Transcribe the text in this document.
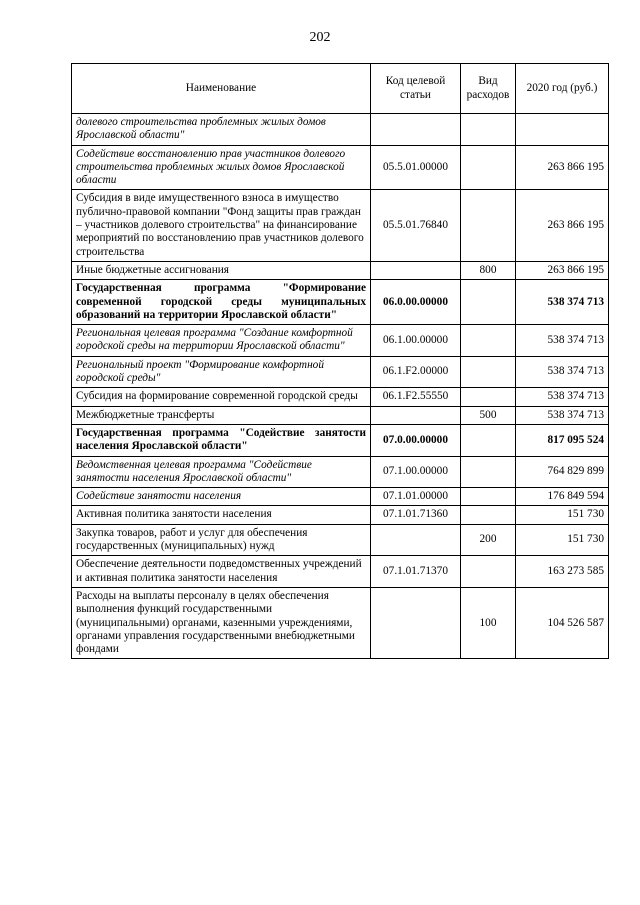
202
Наименование	Код целевой статьи	Вид расходов	2020 год (руб.)
долевого строительства проблемных жилых домов Ярославской области"			
Содействие восстановлению прав участников долевого строительства проблемных жилых домов Ярославской области	05.5.01.00000		263 866 195
Субсидия в виде имущественного взноса в имущество публично-правовой компании "Фонд защиты прав граждан – участников долевого строительства" на финансирование мероприятий по восстановлению прав участников долевого строительства	05.5.01.76840		263 866 195
Иные бюджетные ассигнования		800	263 866 195
Государственная программа "Формирование современной городской среды муниципальных образований на территории Ярославской области"	06.0.00.00000		538 374 713
Региональная целевая программа "Создание комфортной городской среды на территории Ярославской области"	06.1.00.00000		538 374 713
Региональный проект "Формирование комфортной городской среды"	06.1.F2.00000		538 374 713
Субсидия на формирование современной городской среды	06.1.F2.55550		538 374 713
Межбюджетные трансферты		500	538 374 713
Государственная программа "Содействие занятости населения Ярославской области"	07.0.00.00000		817 095 524
Ведомственная целевая программа "Содействие занятости населения Ярославской области"	07.1.00.00000		764 829 899
Содействие занятости населения	07.1.01.00000		176 849 594
Активная политика занятости населения	07.1.01.71360		151 730
Закупка товаров, работ и услуг для обеспечения государственных (муниципальных) нужд		200	151 730
Обеспечение деятельности подведомственных учреждений и активная политика занятости населения	07.1.01.71370		163 273 585
Расходы на выплаты персоналу в целях обеспечения выполнения функций государственными (муниципальными) органами, казенными учреждениями, органами управления государственными внебюджетными фондами		100	104 526 587
